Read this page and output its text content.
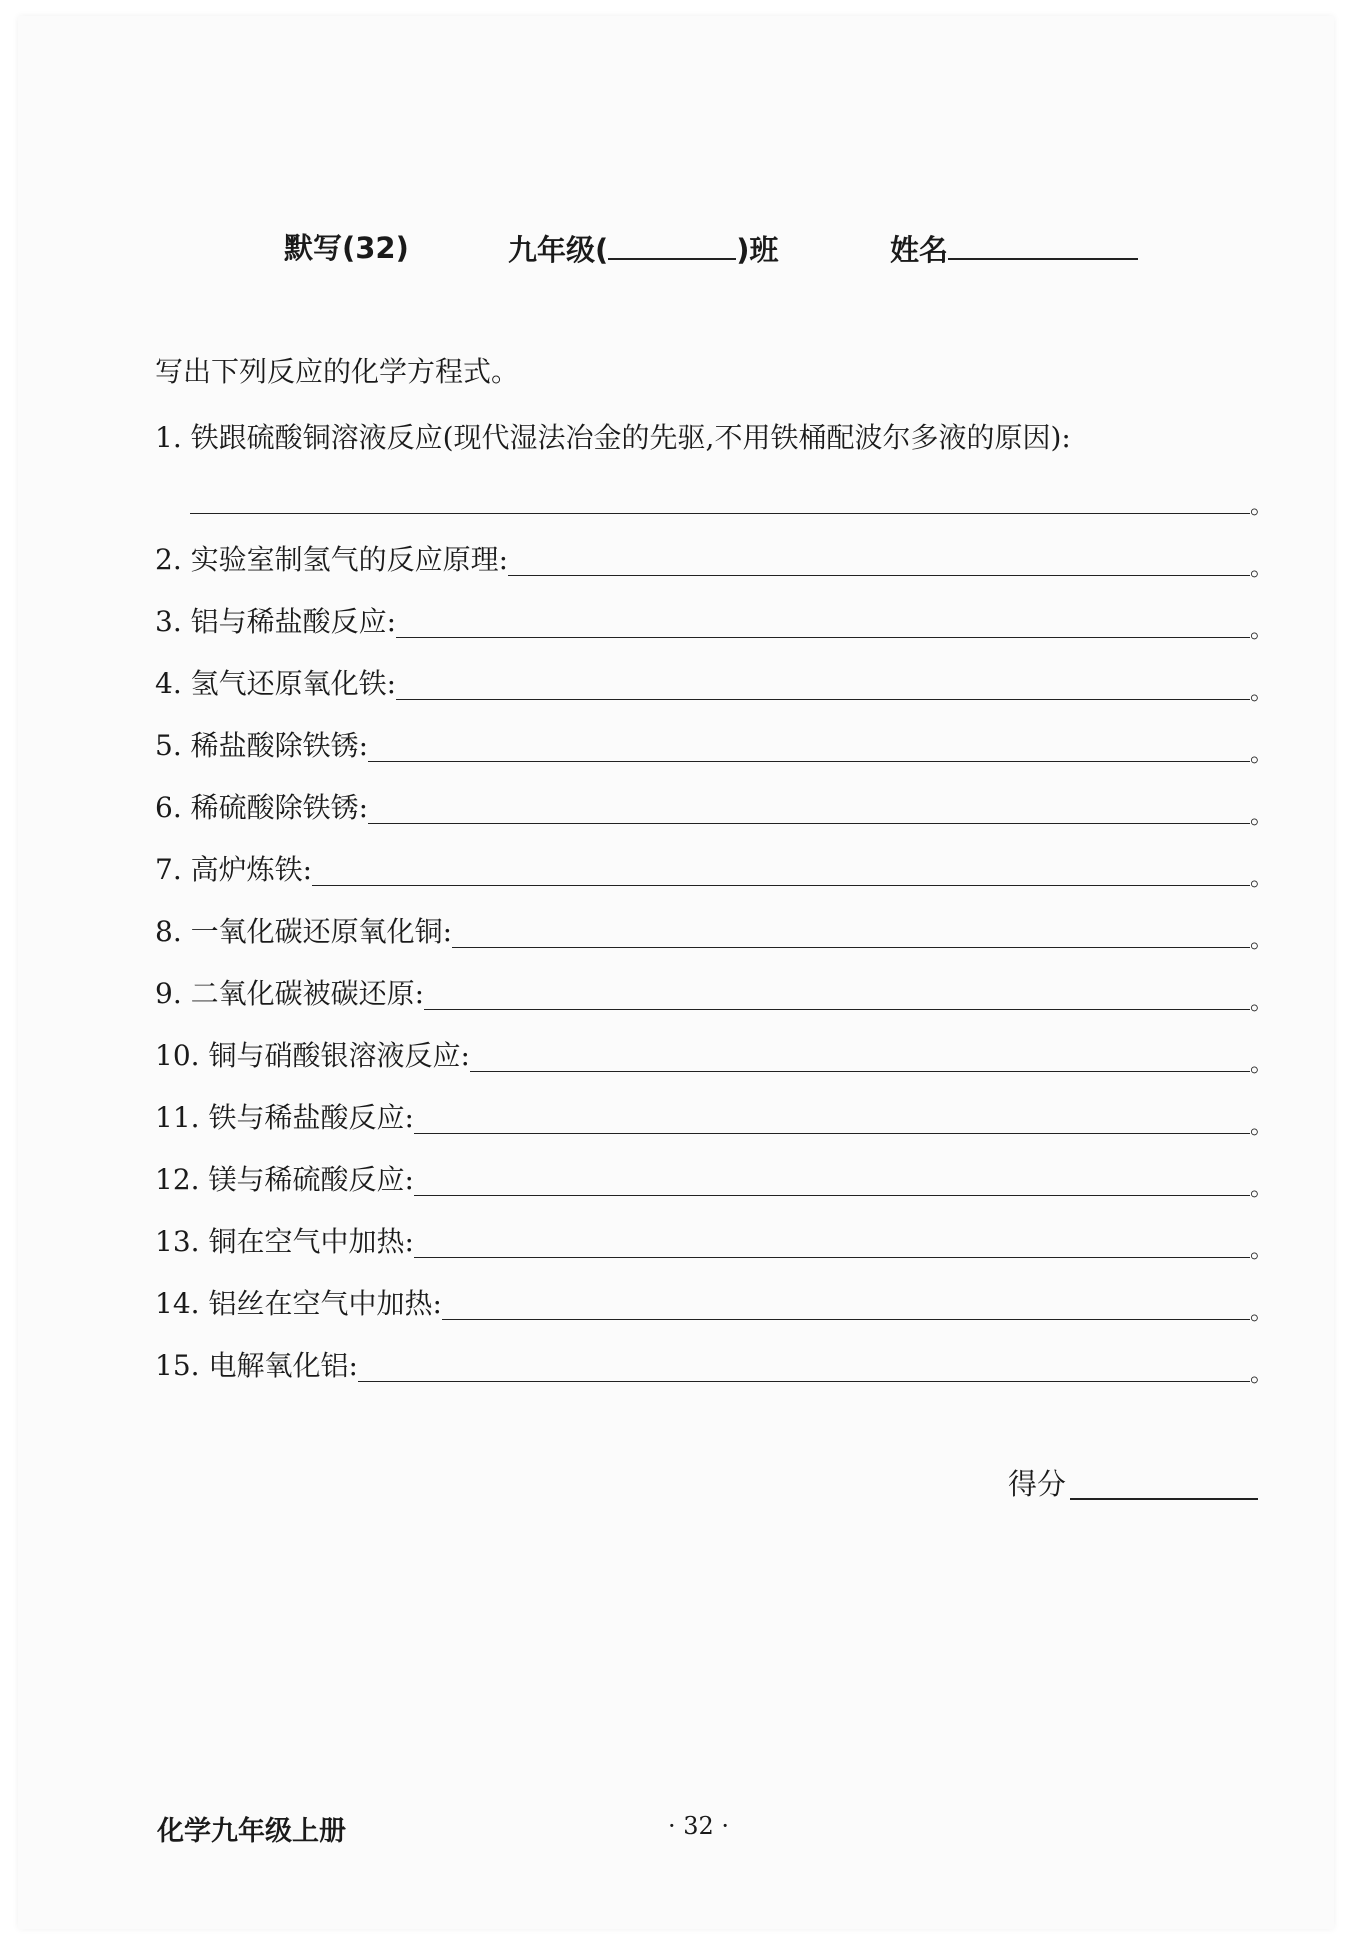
默写(32)	九年级(	)班	姓名
写出下列反应的化学方程式。
1. 铁跟硫酸铜溶液反应(现代湿法冶金的先驱,不用铁桶配波尔多液的原因):
。
2.
实验室制氢气的反应原理:	。
3.
铝与稀盐酸反应:	。
4.
氢气还原氧化铁:	。
5.
稀盐酸除铁锈:	。
6.
稀硫酸除铁锈:	。
7.
高炉炼铁:	。
8.
一氧化碳还原氧化铜:	。
9.
二氧化碳被碳还原:	。
10.
铜与硝酸银溶液反应:	。
11.
铁与稀盐酸反应:	。
12.
镁与稀硫酸反应:	。
13.
铜在空气中加热:	。
14.
铝丝在空气中加热:	。
15.
电解氧化铝:	。
得分
化学九年级上册	· 32 ·
